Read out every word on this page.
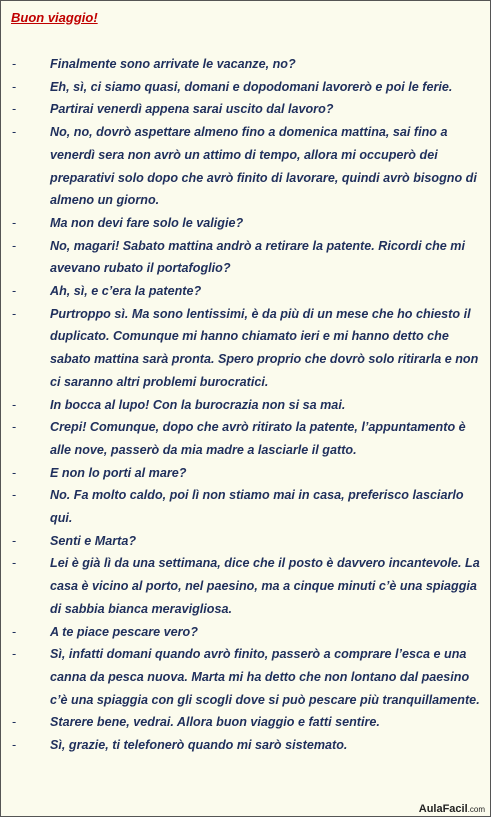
Buon viaggio!
-	Finalmente sono arrivate le vacanze, no?
-	Eh, sì, ci siamo quasi, domani e dopodomani lavorerò e poi le ferie.
-	Partirai venerdì appena sarai uscito dal lavoro?
-	No, no, dovrò aspettare almeno fino a domenica mattina, sai fino a venerdì sera non avrò un attimo di tempo, allora mi occuperò dei preparativi solo dopo che avrò finito di lavorare, quindi avrò bisogno di almeno un giorno.
-	Ma non devi fare solo le valigie?
-	No, magari! Sabato mattina andrò a retirare la patente. Ricordi che mi avevano rubato il portafoglio?
-	Ah, sì, e c’era la patente?
-	Purtroppo sì. Ma sono lentissimi, è da più di un mese che ho chiesto il duplicato. Comunque mi hanno chiamato ieri e mi hanno detto che sabato mattina sarà pronta. Spero proprio che dovrò solo ritirarla e non ci saranno altri problemi burocratici.
-	In bocca al lupo! Con la burocrazia non si sa mai.
-	Crepi! Comunque, dopo che avrò ritirato la patente, l’appuntamento è alle nove, passerò da mia madre a lasciarle il gatto.
-	E non lo porti al mare?
-	No. Fa molto caldo, poi lì non stiamo mai in casa, preferisco lasciarlo qui.
-	Senti e Marta?
-	Lei è già lì da una settimana, dice che il posto è davvero incantevole. La casa è vicino al porto, nel paesino, ma a cinque minuti c’è una spiaggia di sabbia bianca meravigliosa.
-	A te piace pescare vero?
-	Sì, infatti domani quando avrò finito, passerò a comprare l’esca e una canna da pesca nuova. Marta mi ha detto che non lontano dal paesino c’è una spiaggia con gli scogli dove si può pescare più tranquillamente.
-	Starere bene, vedrai. Allora buon viaggio e fatti sentire.
-	Sì, grazie, ti telefonerò quando mi sarò sistemato.
AulaFacil.com
